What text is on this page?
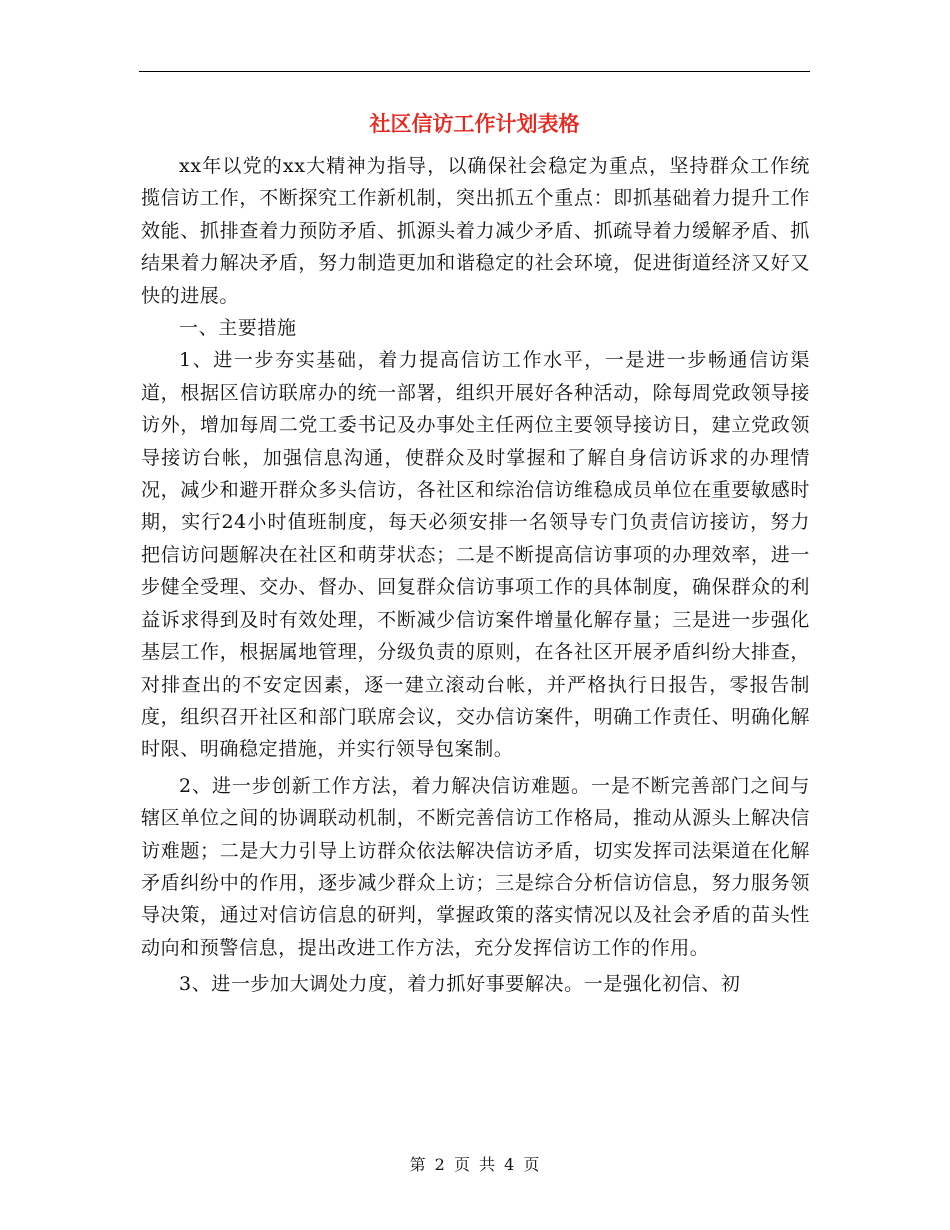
社区信访工作计划表格

xx年以党的xx大精神为指导，以确保社会稳定为重点，坚持群众工作统揽信访工作，不断探究工作新机制，突出抓五个重点：即抓基础着力提升工作效能、抓排查着力预防矛盾、抓源头着力减少矛盾、抓疏导着力缓解矛盾、抓结果着力解决矛盾，努力制造更加和谐稳定的社会环境，促进街道经济又好又快的进展。

一、主要措施

1、进一步夯实基础，着力提高信访工作水平，一是进一步畅通信访渠道，根据区信访联席办的统一部署，组织开展好各种活动，除每周党政领导接访外，增加每周二党工委书记及办事处主任两位主要领导接访日，建立党政领导接访台帐，加强信息沟通，使群众及时掌握和了解自身信访诉求的办理情况，减少和避开群众多头信访，各社区和综治信访维稳成员单位在重要敏感时期，实行24小时值班制度，每天必须安排一名领导专门负责信访接访，努力把信访问题解决在社区和萌芽状态；二是不断提高信访事项的办理效率，进一步健全受理、交办、督办、回复群众信访事项工作的具体制度，确保群众的利益诉求得到及时有效处理，不断减少信访案件增量化解存量；三是进一步强化基层工作，根据属地管理，分级负责的原则，在各社区开展矛盾纠纷大排查，对排查出的不安定因素，逐一建立滚动台帐，并严格执行日报告，零报告制度，组织召开社区和部门联席会议，交办信访案件，明确工作责任、明确化解时限、明确稳定措施，并实行领导包案制。

2、进一步创新工作方法，着力解决信访难题。一是不断完善部门之间与辖区单位之间的协调联动机制，不断完善信访工作格局，推动从源头上解决信访难题；二是大力引导上访群众依法解决信访矛盾，切实发挥司法渠道在化解矛盾纠纷中的作用，逐步减少群众上访；三是综合分析信访信息，努力服务领导决策，通过对信访信息的研判，掌握政策的落实情况以及社会矛盾的苗头性动向和预警信息，提出改进工作方法，充分发挥信访工作的作用。

3、进一步加大调处力度，着力抓好事要解决。一是强化初信、初

第 2 页 共 4 页
